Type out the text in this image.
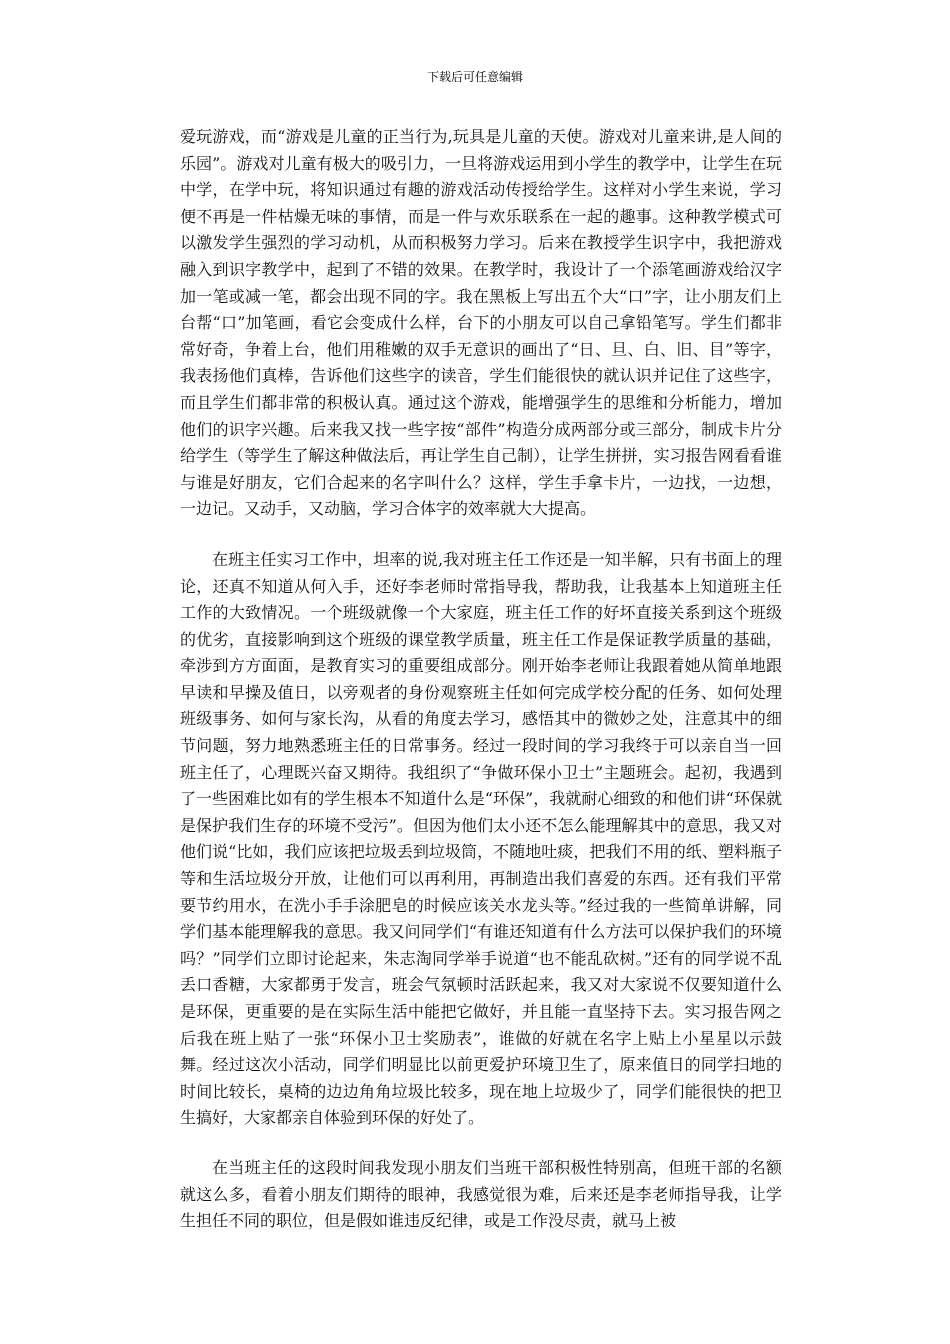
下载后可任意编辑

爱玩游戏，而“游戏是儿童的正当行为,玩具是儿童的天使。游戏对儿童来讲,是人间的乐园”。游戏对儿童有极大的吸引力，一旦将游戏运用到小学生的教学中，让学生在玩中学，在学中玩，将知识通过有趣的游戏活动传授给学生。这样对小学生来说，学习便不再是一件枯燥无味的事情，而是一件与欢乐联系在一起的趣事。这种教学模式可以激发学生强烈的学习动机，从而积极努力学习。后来在教授学生识字中，我把游戏融入到识字教学中，起到了不错的效果。在教学时，我设计了一个添笔画游戏给汉字加一笔或减一笔，都会出现不同的字。我在黑板上写出五个大“口”字，让小朋友们上台帮“口”加笔画，看它会变成什么样，台下的小朋友可以自己拿铅笔写。学生们都非常好奇，争着上台，他们用稚嫩的双手无意识的画出了“日、旦、白、旧、目”等字，我表扬他们真棒，告诉他们这些字的读音，学生们能很快的就认识并记住了这些字，而且学生们都非常的积极认真。通过这个游戏，能增强学生的思维和分析能力，增加他们的识字兴趣。后来我又找一些字按“部件”构造分成两部分或三部分，制成卡片分给学生（等学生了解这种做法后，再让学生自己制），让学生拼拼，实习报告网看看谁与谁是好朋友，它们合起来的名字叫什么？这样，学生手拿卡片，一边找，一边想，一边记。又动手，又动脑，学习合体字的效率就大大提高。

在班主任实习工作中，坦率的说,我对班主任工作还是一知半解，只有书面上的理论，还真不知道从何入手，还好李老师时常指导我，帮助我，让我基本上知道班主任工作的大致情况。一个班级就像一个大家庭，班主任工作的好坏直接关系到这个班级的优劣，直接影响到这个班级的课堂教学质量，班主任工作是保证教学质量的基础，牵涉到方方面面，是教育实习的重要组成部分。刚开始李老师让我跟着她从简单地跟早读和早操及值日，以旁观者的身份观察班主任如何完成学校分配的任务、如何处理班级事务、如何与家长沟，从看的角度去学习，感悟其中的微妙之处，注意其中的细节问题，努力地熟悉班主任的日常事务。经过一段时间的学习我终于可以亲自当一回班主任了，心理既兴奋又期待。我组织了“争做环保小卫士”主题班会。起初，我遇到了一些困难比如有的学生根本不知道什么是“环保”，我就耐心细致的和他们讲“环保就是保护我们生存的环境不受污”。但因为他们太小还不怎么能理解其中的意思，我又对他们说“比如，我们应该把垃圾丢到垃圾筒，不随地吐痰，把我们不用的纸、塑料瓶子等和生活垃圾分开放，让他们可以再利用，再制造出我们喜爱的东西。还有我们平常要节约用水，在洗小手手涂肥皂的时候应该关水龙头等。”经过我的一些简单讲解，同学们基本能理解我的意思。我又问同学们“有谁还知道有什么方法可以保护我们的环境吗？”同学们立即讨论起来，朱志淘同学举手说道“也不能乱砍树。”还有的同学说不乱丢口香糖，大家都勇于发言，班会气氛顿时活跃起来，我又对大家说不仅要知道什么是环保，更重要的是在实际生活中能把它做好，并且能一直坚持下去。实习报告网之后我在班上贴了一张“环保小卫士奖励表”，谁做的好就在名字上贴上小星星以示鼓舞。经过这次小活动，同学们明显比以前更爱护环境卫生了，原来值日的同学扫地的时间比较长，桌椅的边边角角垃圾比较多，现在地上垃圾少了，同学们能很快的把卫生搞好，大家都亲自体验到环保的好处了。

在当班主任的这段时间我发现小朋友们当班干部积极性特别高，但班干部的名额就这么多，看着小朋友们期待的眼神，我感觉很为难，后来还是李老师指导我，让学生担任不同的职位，但是假如谁违反纪律，或是工作没尽责，就马上被
